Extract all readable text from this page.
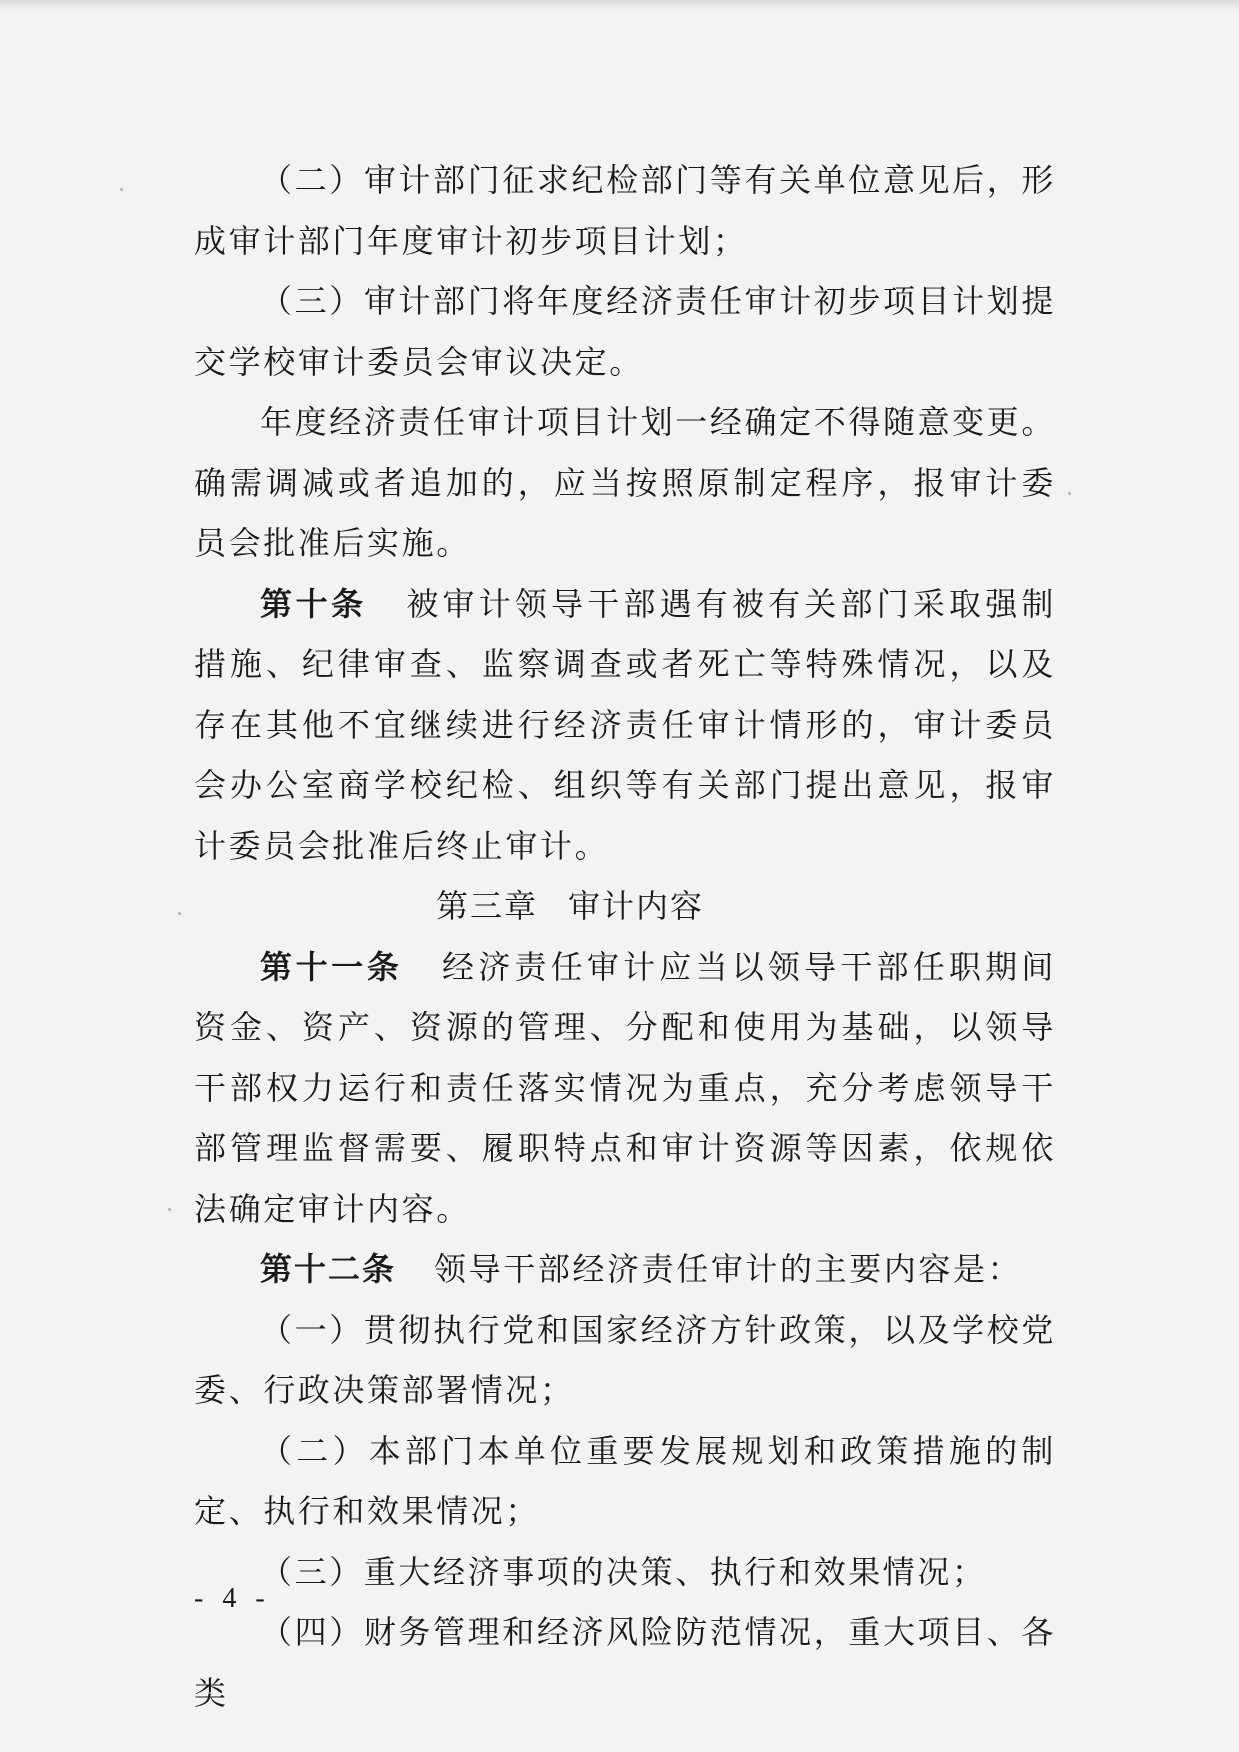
（二）审计部门征求纪检部门等有关单位意见后，形成审计部门年度审计初步项目计划；

（三）审计部门将年度经济责任审计初步项目计划提交学校审计委员会审议决定。

年度经济责任审计项目计划一经确定不得随意变更。确需调减或者追加的，应当按照原制定程序，报审计委员会批准后实施。

第十条 被审计领导干部遇有被有关部门采取强制措施、纪律审查、监察调查或者死亡等特殊情况，以及存在其他不宜继续进行经济责任审计情形的，审计委员会办公室商学校纪检、组织等有关部门提出意见，报审计委员会批准后终止审计。

第三章 审计内容

第十一条 经济责任审计应当以领导干部任职期间资金、资产、资源的管理、分配和使用为基础，以领导干部权力运行和责任落实情况为重点，充分考虑领导干部管理监督需要、履职特点和审计资源等因素，依规依法确定审计内容。

第十二条 领导干部经济责任审计的主要内容是：

（一）贯彻执行党和国家经济方针政策，以及学校党委、行政决策部署情况；

（二）本部门本单位重要发展规划和政策措施的制定、执行和效果情况；

（三）重大经济事项的决策、执行和效果情况；

（四）财务管理和经济风险防范情况，重大项目、各类

- 4 -
